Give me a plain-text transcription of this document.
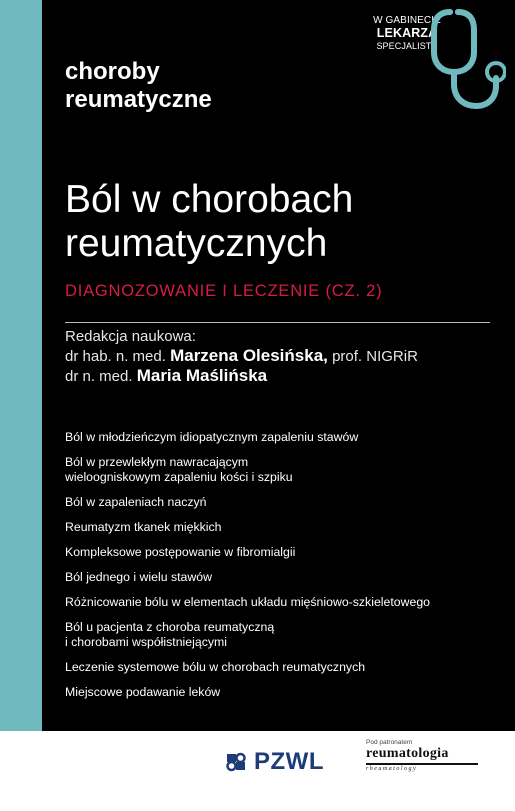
W GABINECIE
LEKARZA
SPECJALISTY
choroby
reumatyczne
Ból w chorobach
reumatycznych
DIAGNOZOWANIE I LECZENIE (CZ. 2)
Redakcja naukowa:
dr hab. n. med. Marzena Olesińska, prof. NIGRiR
dr n. med. Maria Maślińska
Ból w młodzieńczym idiopatycznym zapaleniu stawów
Ból w przewlekłym nawracającym
wieloogniskowym zapaleniu kości i szpiku
Ból w zapaleniach naczyń
Reumatyzm tkanek miękkich
Kompleksowe postępowanie w fibromialgii
Ból jednego i wielu stawów
Różnicowanie bólu w elementach układu mięśniowo-szkieletowego
Ból u pacjenta z choroba reumatyczną
i chorobami współistniejącymi
Leczenie systemowe bólu w chorobach reumatycznych
Miejscowe podawanie leków
PZWL
Pod patronatem
reumatologia
rheumatology
